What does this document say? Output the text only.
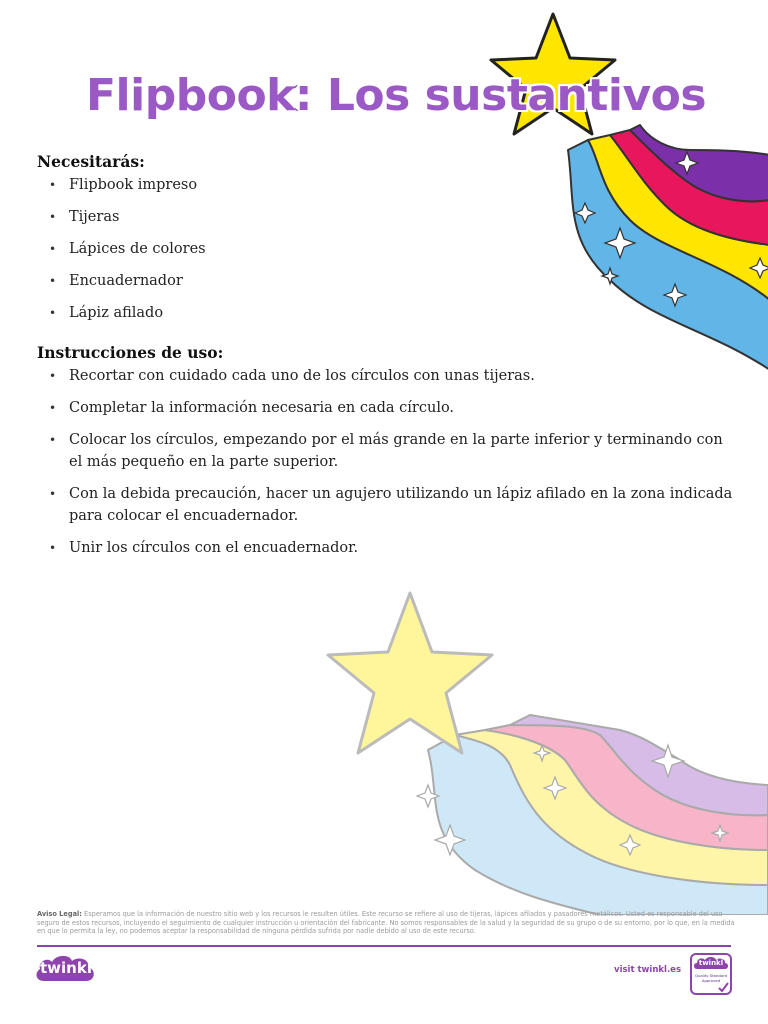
Flipbook: Los sustantivos
Necesitarás:
• Flipbook impreso
• Tijeras
• Lápices de colores
• Encuadernador
• Lápiz afilado
Instrucciones de uso:
• Recortar con cuidado cada uno de los círculos con unas tijeras.
• Completar la información necesaria en cada círculo.
• Colocar los círculos, empezando por el más grande en la parte inferior y terminando con el más pequeño en la parte superior.
• Con la debida precaución, hacer un agujero utilizando un lápiz afilado en la zona indicada para colocar el encuadernador.
• Unir los círculos con el encuadernador.
Aviso Legal: Esperamos que la información de nuestro sitio web y los recursos le resulten útiles. Este recurso se refiere al uso de tijeras, lápices afilados y pasadores metálicos. Usted es responsable del uso seguro de estos recursos, incluyendo el seguimiento de cualquier instrucción u orientación del fabricante. No somos responsables de la salud y la seguridad de su grupo o de su entorno, por lo que, en la medida en que lo permita la ley, no podemos aceptar la responsabilidad de ninguna pérdida sufrida por nadie debido al uso de este recurso.
twinkl	visit twinkl.es
twinkl
Quality Standard Approved
